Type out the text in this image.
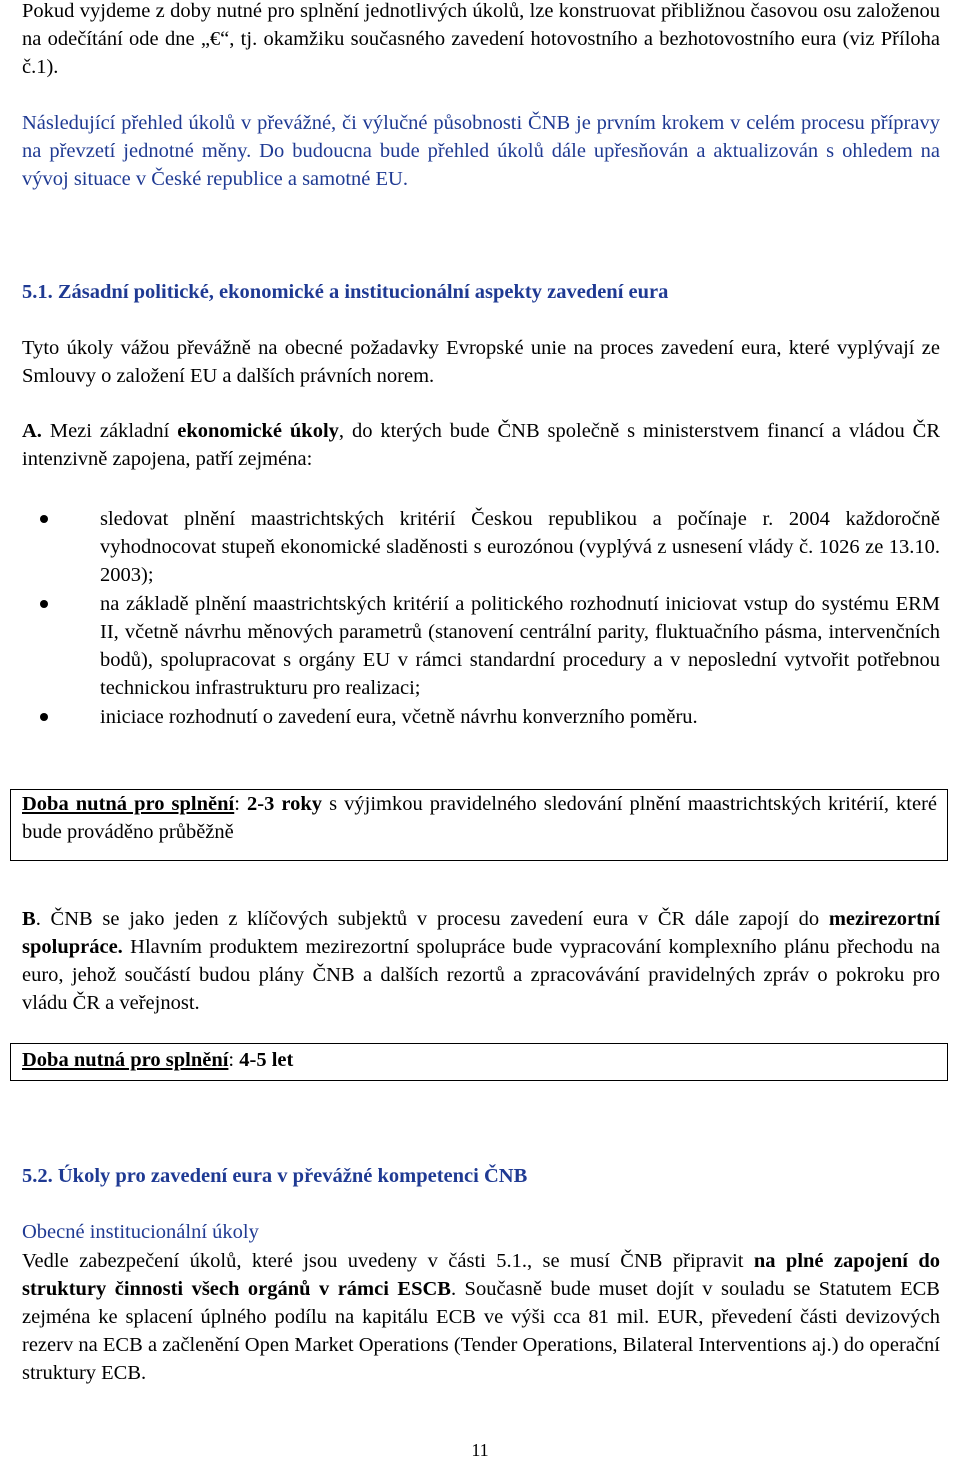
Pokud vyjdeme z doby nutné pro splnění jednotlivých úkolů, lze konstruovat přibližnou časovou osu založenou na odečítání ode dne „€“, tj. okamžiku současného zavedení hotovostního a bezhotovostního eura (viz Příloha č.1).

Následující přehled úkolů v převážné, či výlučné působnosti ČNB je prvním krokem v celém procesu přípravy na převzetí jednotné měny. Do budoucna bude přehled úkolů dále upřesňován a aktualizován s ohledem na vývoj situace v České republice a samotné EU.

5.1. Zásadní politické, ekonomické a institucionální aspekty zavedení eura

Tyto úkoly vážou převážně na obecné požadavky Evropské unie na proces zavedení eura, které vyplývají ze Smlouvy o založení EU a dalších právních norem.

A. Mezi základní ekonomické úkoly, do kterých bude ČNB společně s ministerstvem financí a vládou ČR intenzivně zapojena, patří zejména:

sledovat plnění maastrichtských kritérií Českou republikou a počínaje r. 2004 každoročně vyhodnocovat stupeň ekonomické sladěnosti s eurozónou (vyplývá z usnesení vlády č. 1026 ze 13.10. 2003);
na základě plnění maastrichtských kritérií a politického rozhodnutí iniciovat vstup do systému ERM II, včetně návrhu měnových parametrů (stanovení centrální parity, fluktuačního pásma, intervenčních bodů), spolupracovat s orgány EU v rámci standardní procedury a v neposlední vytvořit potřebnou technickou infrastrukturu pro realizaci;
iniciace rozhodnutí o zavedení eura, včetně návrhu konverzního poměru.

Doba nutná pro splnění: 2-3 roky s výjimkou pravidelného sledování plnění maastrichtských kritérií, které bude prováděno průběžně

B. ČNB se jako jeden z klíčových subjektů v procesu zavedení eura v ČR dále zapojí do mezirezortní spolupráce. Hlavním produktem mezirezortní spolupráce bude vypracování komplexního plánu přechodu na euro, jehož součástí budou plány ČNB a dalších rezortů a zpracovávání pravidelných zpráv o pokroku pro vládu ČR a veřejnost.

Doba nutná pro splnění: 4-5 let

5.2. Úkoly pro zavedení eura v převážné kompetenci ČNB

Obecné institucionální úkoly

Vedle zabezpečení úkolů, které jsou uvedeny v části 5.1., se musí ČNB připravit na plné zapojení do struktury činnosti všech orgánů v rámci ESCB. Současně bude muset dojít v souladu se Statutem ECB zejména ke splacení úplného podílu na kapitálu ECB ve výši cca 81 mil. EUR, převedení části devizových rezerv na ECB a začlenění Open Market Operations (Tender Operations, Bilateral Interventions aj.) do operační struktury ECB.

11
